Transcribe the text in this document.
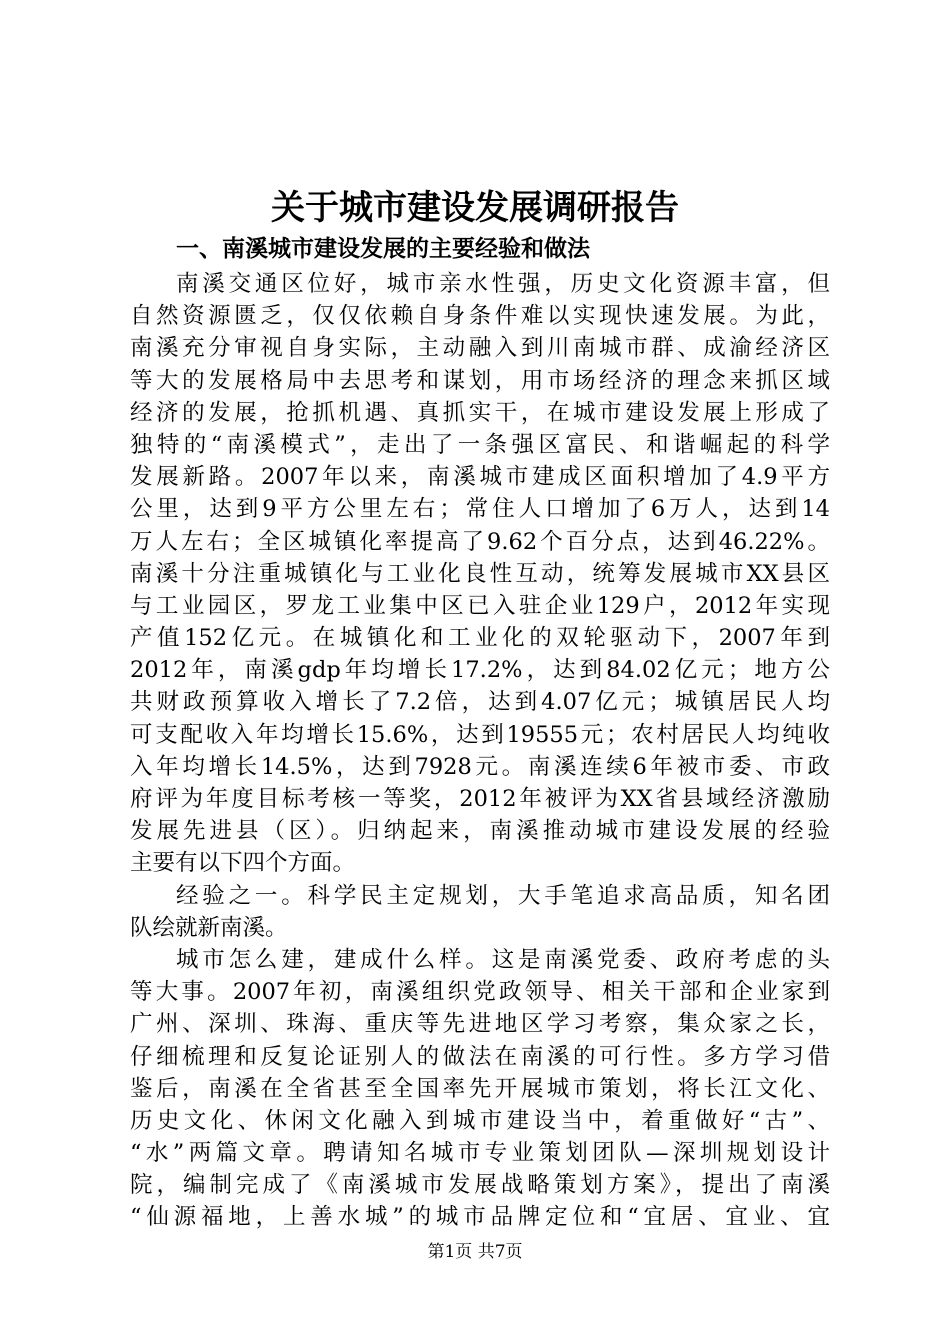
关于城市建设发展调研报告
一、南溪城市建设发展的主要经验和做法
南溪交通区位好，城市亲水性强，历史文化资源丰富，但
自然资源匮乏，仅仅依赖自身条件难以实现快速发展。为此，
南溪充分审视自身实际，主动融入到川南城市群、成渝经济区
等大的发展格局中去思考和谋划，用市场经济的理念来抓区域
经济的发展，抢抓机遇、真抓实干，在城市建设发展上形成了
独特的“南溪模式”，走出了一条强区富民、和谐崛起的科学
发展新路。2007年以来，南溪城市建成区面积增加了4.9平方
公里，达到9平方公里左右；常住人口增加了6万人，达到14
万人左右；全区城镇化率提高了9.62个百分点，达到46.22%。
南溪十分注重城镇化与工业化良性互动，统筹发展城市XX县区
与工业园区，罗龙工业集中区已入驻企业129户，2012年实现
产值152亿元。在城镇化和工业化的双轮驱动下，2007年到
2012年，南溪gdp年均增长17.2%，达到84.02亿元；地方公
共财政预算收入增长了7.2倍，达到4.07亿元；城镇居民人均
可支配收入年均增长15.6%，达到19555元；农村居民人均纯收
入年均增长14.5%，达到7928元。南溪连续6年被市委、市政
府评为年度目标考核一等奖，2012年被评为XX省县域经济激励
发展先进县（区）。归纳起来，南溪推动城市建设发展的经验
主要有以下四个方面。
经验之一。科学民主定规划，大手笔追求高品质，知名团
队绘就新南溪。
城市怎么建，建成什么样。这是南溪党委、政府考虑的头
等大事。2007年初，南溪组织党政领导、相关干部和企业家到
广州、深圳、珠海、重庆等先进地区学习考察，集众家之长，
仔细梳理和反复论证别人的做法在南溪的可行性。多方学习借
鉴后，南溪在全省甚至全国率先开展城市策划，将长江文化、
历史文化、休闲文化融入到城市建设当中，着重做好“古”、
“水”两篇文章。聘请知名城市专业策划团队—深圳规划设计
院，编制完成了《南溪城市发展战略策划方案》，提出了南溪
“仙源福地，上善水城”的城市品牌定位和“宜居、宜业、宜
第1页 共7页
